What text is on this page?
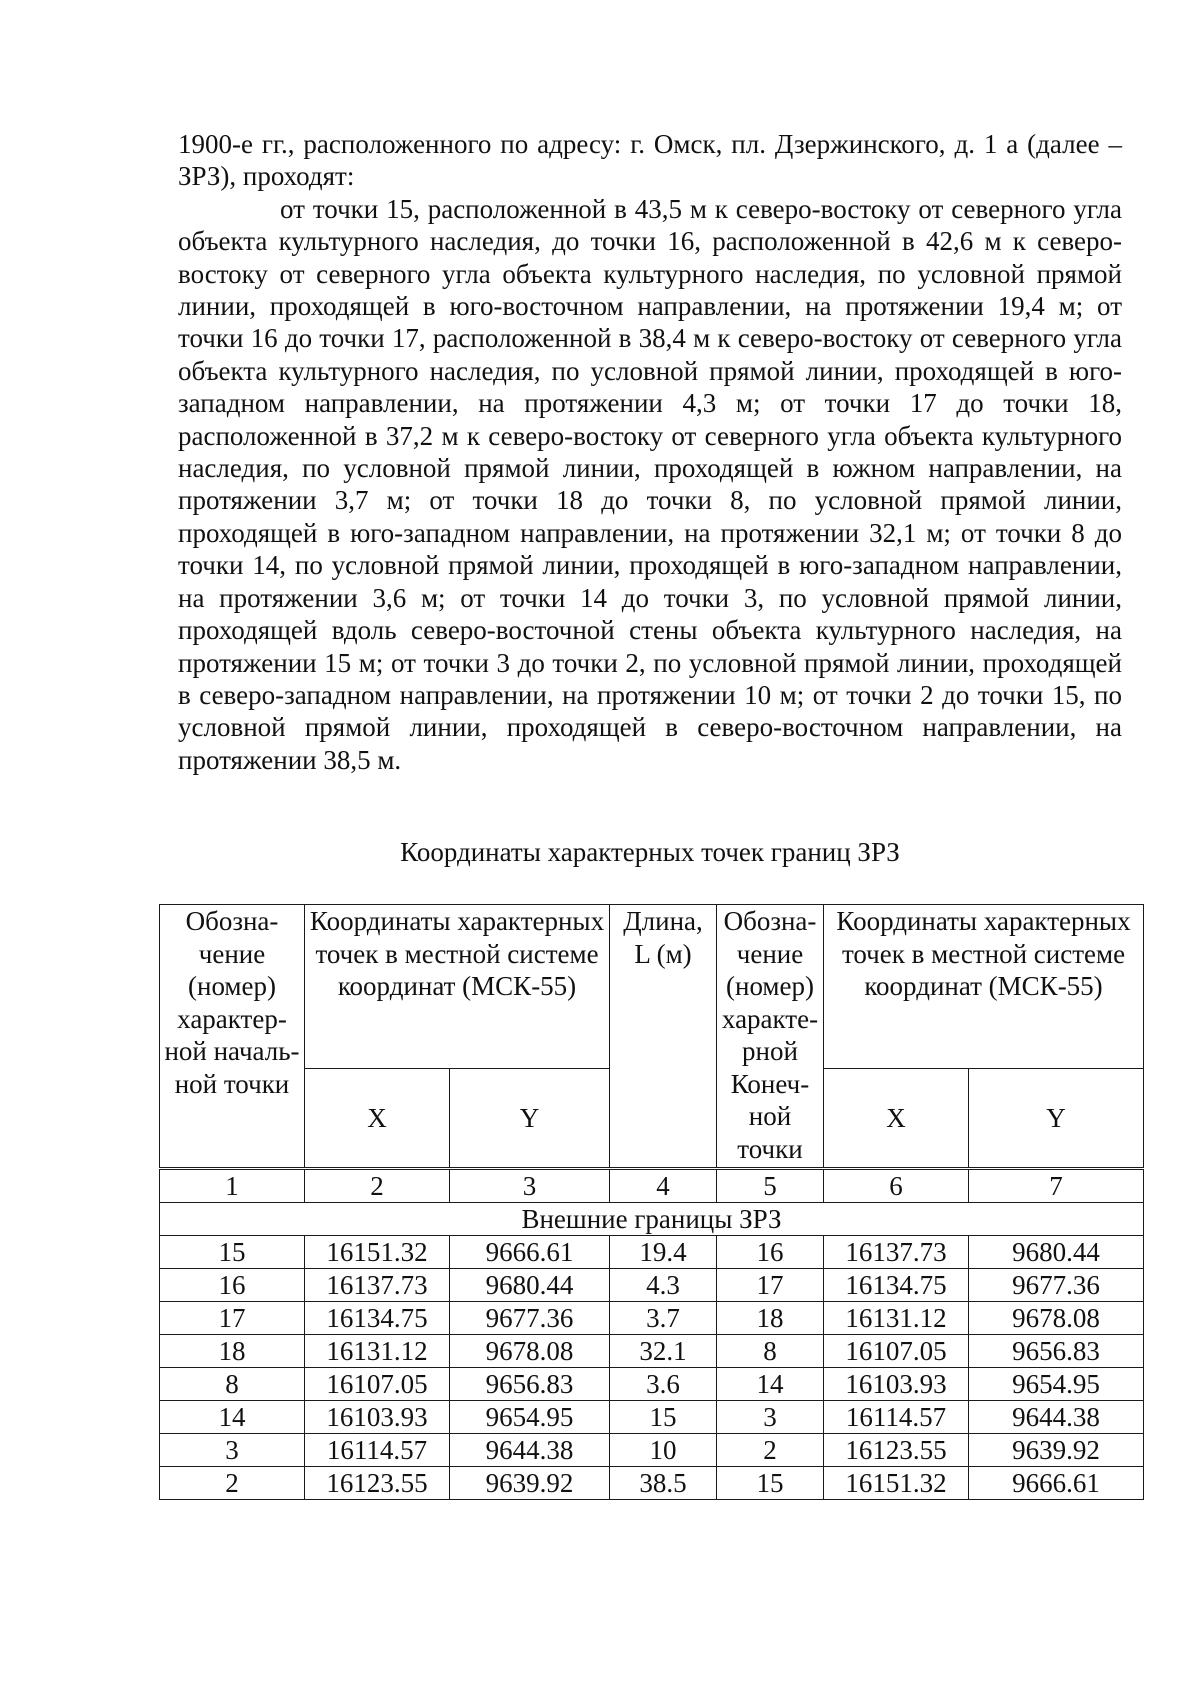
1900-е гг., расположенного по адресу: г. Омск, пл. Дзержинского, д. 1 а (далее – ЗРЗ), проходят:

от точки 15, расположенной в 43,5 м к северо-востоку от северного угла объекта культурного наследия, до точки 16, расположенной в 42,6 м к северо-востоку от северного угла объекта культурного наследия, по условной прямой линии, проходящей в юго-восточном направлении, на протяжении 19,4 м; от точки 16 до точки 17, расположенной в 38,4 м к северо-востоку от северного угла объекта культурного наследия, по условной прямой линии, проходящей в юго-западном направлении, на протяжении 4,3 м; от точки 17 до точки 18, расположенной в 37,2 м к северо-востоку от северного угла объекта культурного наследия, по условной прямой линии, проходящей в южном направлении, на протяжении 3,7 м; от точки 18 до точки 8, по условной прямой линии, проходящей в юго-западном направлении, на протяжении 32,1 м; от точки 8 до точки 14, по условной прямой линии, проходящей в юго-западном направлении, на протяжении 3,6 м; от точки 14 до точки 3, по условной прямой линии, проходящей вдоль северо-восточной стены объекта культурного наследия, на протяжении 15 м; от точки 3 до точки 2, по условной прямой линии, проходящей в северо-западном направлении, на протяжении 10 м; от точки 2 до точки 15, по условной прямой линии, проходящей в северо-восточном направлении, на протяжении 38,5 м.

Координаты характерных точек границ ЗРЗ

Обозна-чение (номер) характер-ной началь-ной точки	Координаты характерных точек в местной системе координат (МСК-55)		Длина, L (м)	Обозна-чение (номер) характе-рной Конеч-ной точки	Координаты характерных точек в местной системе координат (МСК-55)	
	X	Y			X	Y
1	2	3	4	5	6	7
Внешние границы ЗРЗ						
15	16151.32	9666.61	19.4	16	16137.73	9680.44
16	16137.73	9680.44	4.3	17	16134.75	9677.36
17	16134.75	9677.36	3.7	18	16131.12	9678.08
18	16131.12	9678.08	32.1	8	16107.05	9656.83
8	16107.05	9656.83	3.6	14	16103.93	9654.95
14	16103.93	9654.95	15	3	16114.57	9644.38
3	16114.57	9644.38	10	2	16123.55	9639.92
2	16123.55	9639.92	38.5	15	16151.32	9666.61
